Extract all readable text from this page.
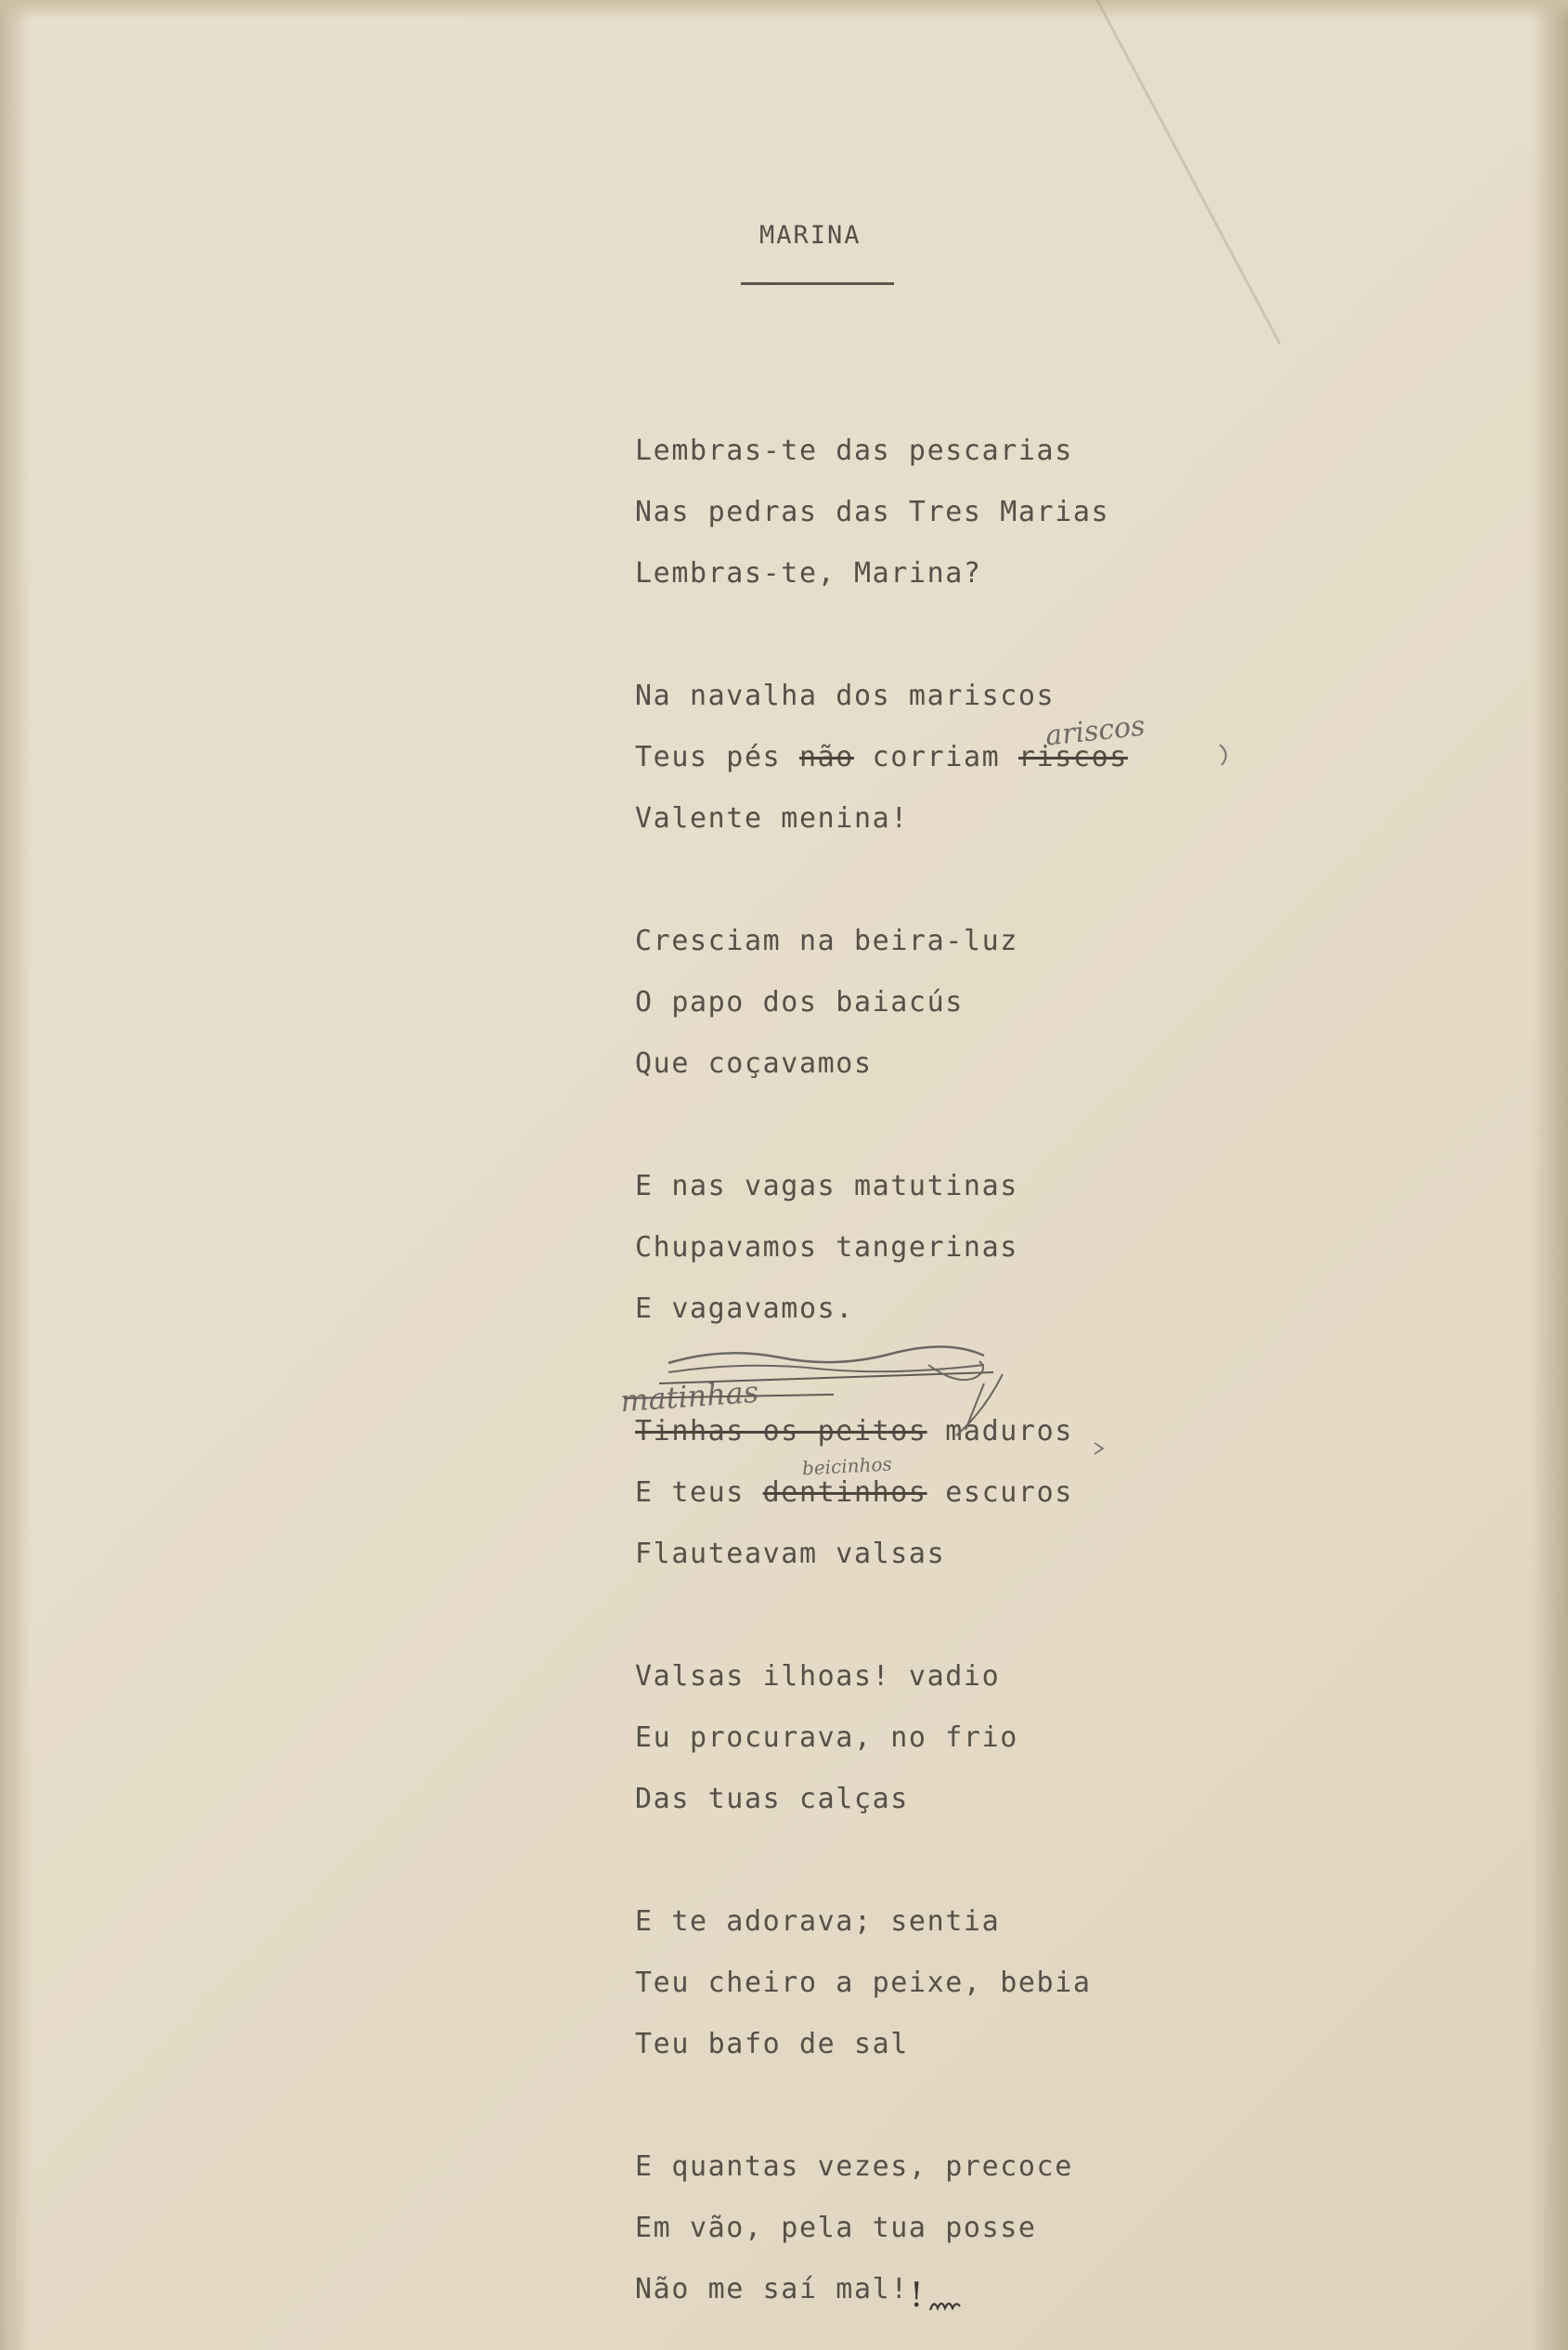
MARINA
Lembras-te das pescarias
Nas pedras das Tres Marias
Lembras-te, Marina?
Na navalha dos mariscos
Teus pés não corriam riscos
Valente menina!
Cresciam na beira-luz
O papo dos baiacús
Que coçavamos
E nas vagas matutinas
Chupavamos tangerinas
E vagavamos.
Tinhas os peitos maduros
E teus dentinhos escuros
Flauteavam valsas
Valsas ilhoas! vadio
Eu procurava, no frio
Das tuas calças
E te adorava; sentia
Teu cheiro a peixe, bebia
Teu bafo de sal
E quantas vezes, precoce
Em vão, pela tua posse
Não me saí mal!
ariscos
matinhas
beicinhos
!
